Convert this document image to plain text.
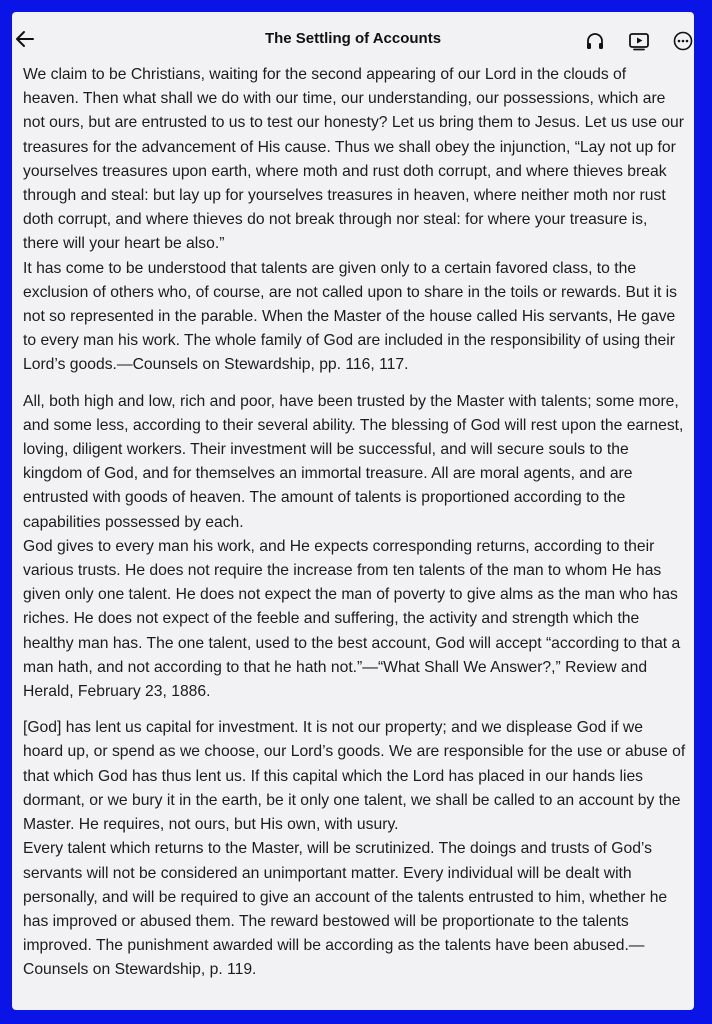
The Settling of Accounts

We claim to be Christians, waiting for the second appearing of our Lord in the clouds of heaven. Then what shall we do with our time, our understanding, our possessions, which are not ours, but are entrusted to us to test our honesty? Let us bring them to Jesus. Let us use our treasures for the advancement of His cause. Thus we shall obey the injunction, “Lay not up for yourselves treasures upon earth, where moth and rust doth corrupt, and where thieves break through and steal: but lay up for yourselves treasures in heaven, where neither moth nor rust doth corrupt, and where thieves do not break through nor steal: for where your treasure is, there will your heart be also.”

It has come to be understood that talents are given only to a certain favored class, to the exclusion of others who, of course, are not called upon to share in the toils or rewards. But it is not so represented in the parable. When the Master of the house called His servants, He gave to every man his work. The whole family of God are included in the responsibility of using their Lord’s goods.—Counsels on Stewardship, pp. 116, 117.

All, both high and low, rich and poor, have been trusted by the Master with talents; some more, and some less, according to their several ability. The blessing of God will rest upon the earnest, loving, diligent workers. Their investment will be successful, and will secure souls to the kingdom of God, and for themselves an immortal treasure. All are moral agents, and are entrusted with goods of heaven. The amount of talents is proportioned according to the capabilities possessed by each.

God gives to every man his work, and He expects corresponding returns, according to their various trusts. He does not require the increase from ten talents of the man to whom He has given only one talent. He does not expect the man of poverty to give alms as the man who has riches. He does not expect of the feeble and suffering, the activity and strength which the healthy man has. The one talent, used to the best account, God will accept “according to that a man hath, and not according to that he hath not.”—“What Shall We Answer?,” Review and Herald, February 23, 1886.

[God] has lent us capital for investment. It is not our property; and we displease God if we hoard up, or spend as we choose, our Lord’s goods. We are responsible for the use or abuse of that which God has thus lent us. If this capital which the Lord has placed in our hands lies dormant, or we bury it in the earth, be it only one talent, we shall be called to an account by the Master. He requires, not ours, but His own, with usury.

Every talent which returns to the Master, will be scrutinized. The doings and trusts of God’s servants will not be considered an unimportant matter. Every individual will be dealt with personally, and will be required to give an account of the talents entrusted to him, whether he has improved or abused them. The reward bestowed will be proportionate to the talents improved. The punishment awarded will be according as the talents have been abused.—Counsels on Stewardship, p. 119.
